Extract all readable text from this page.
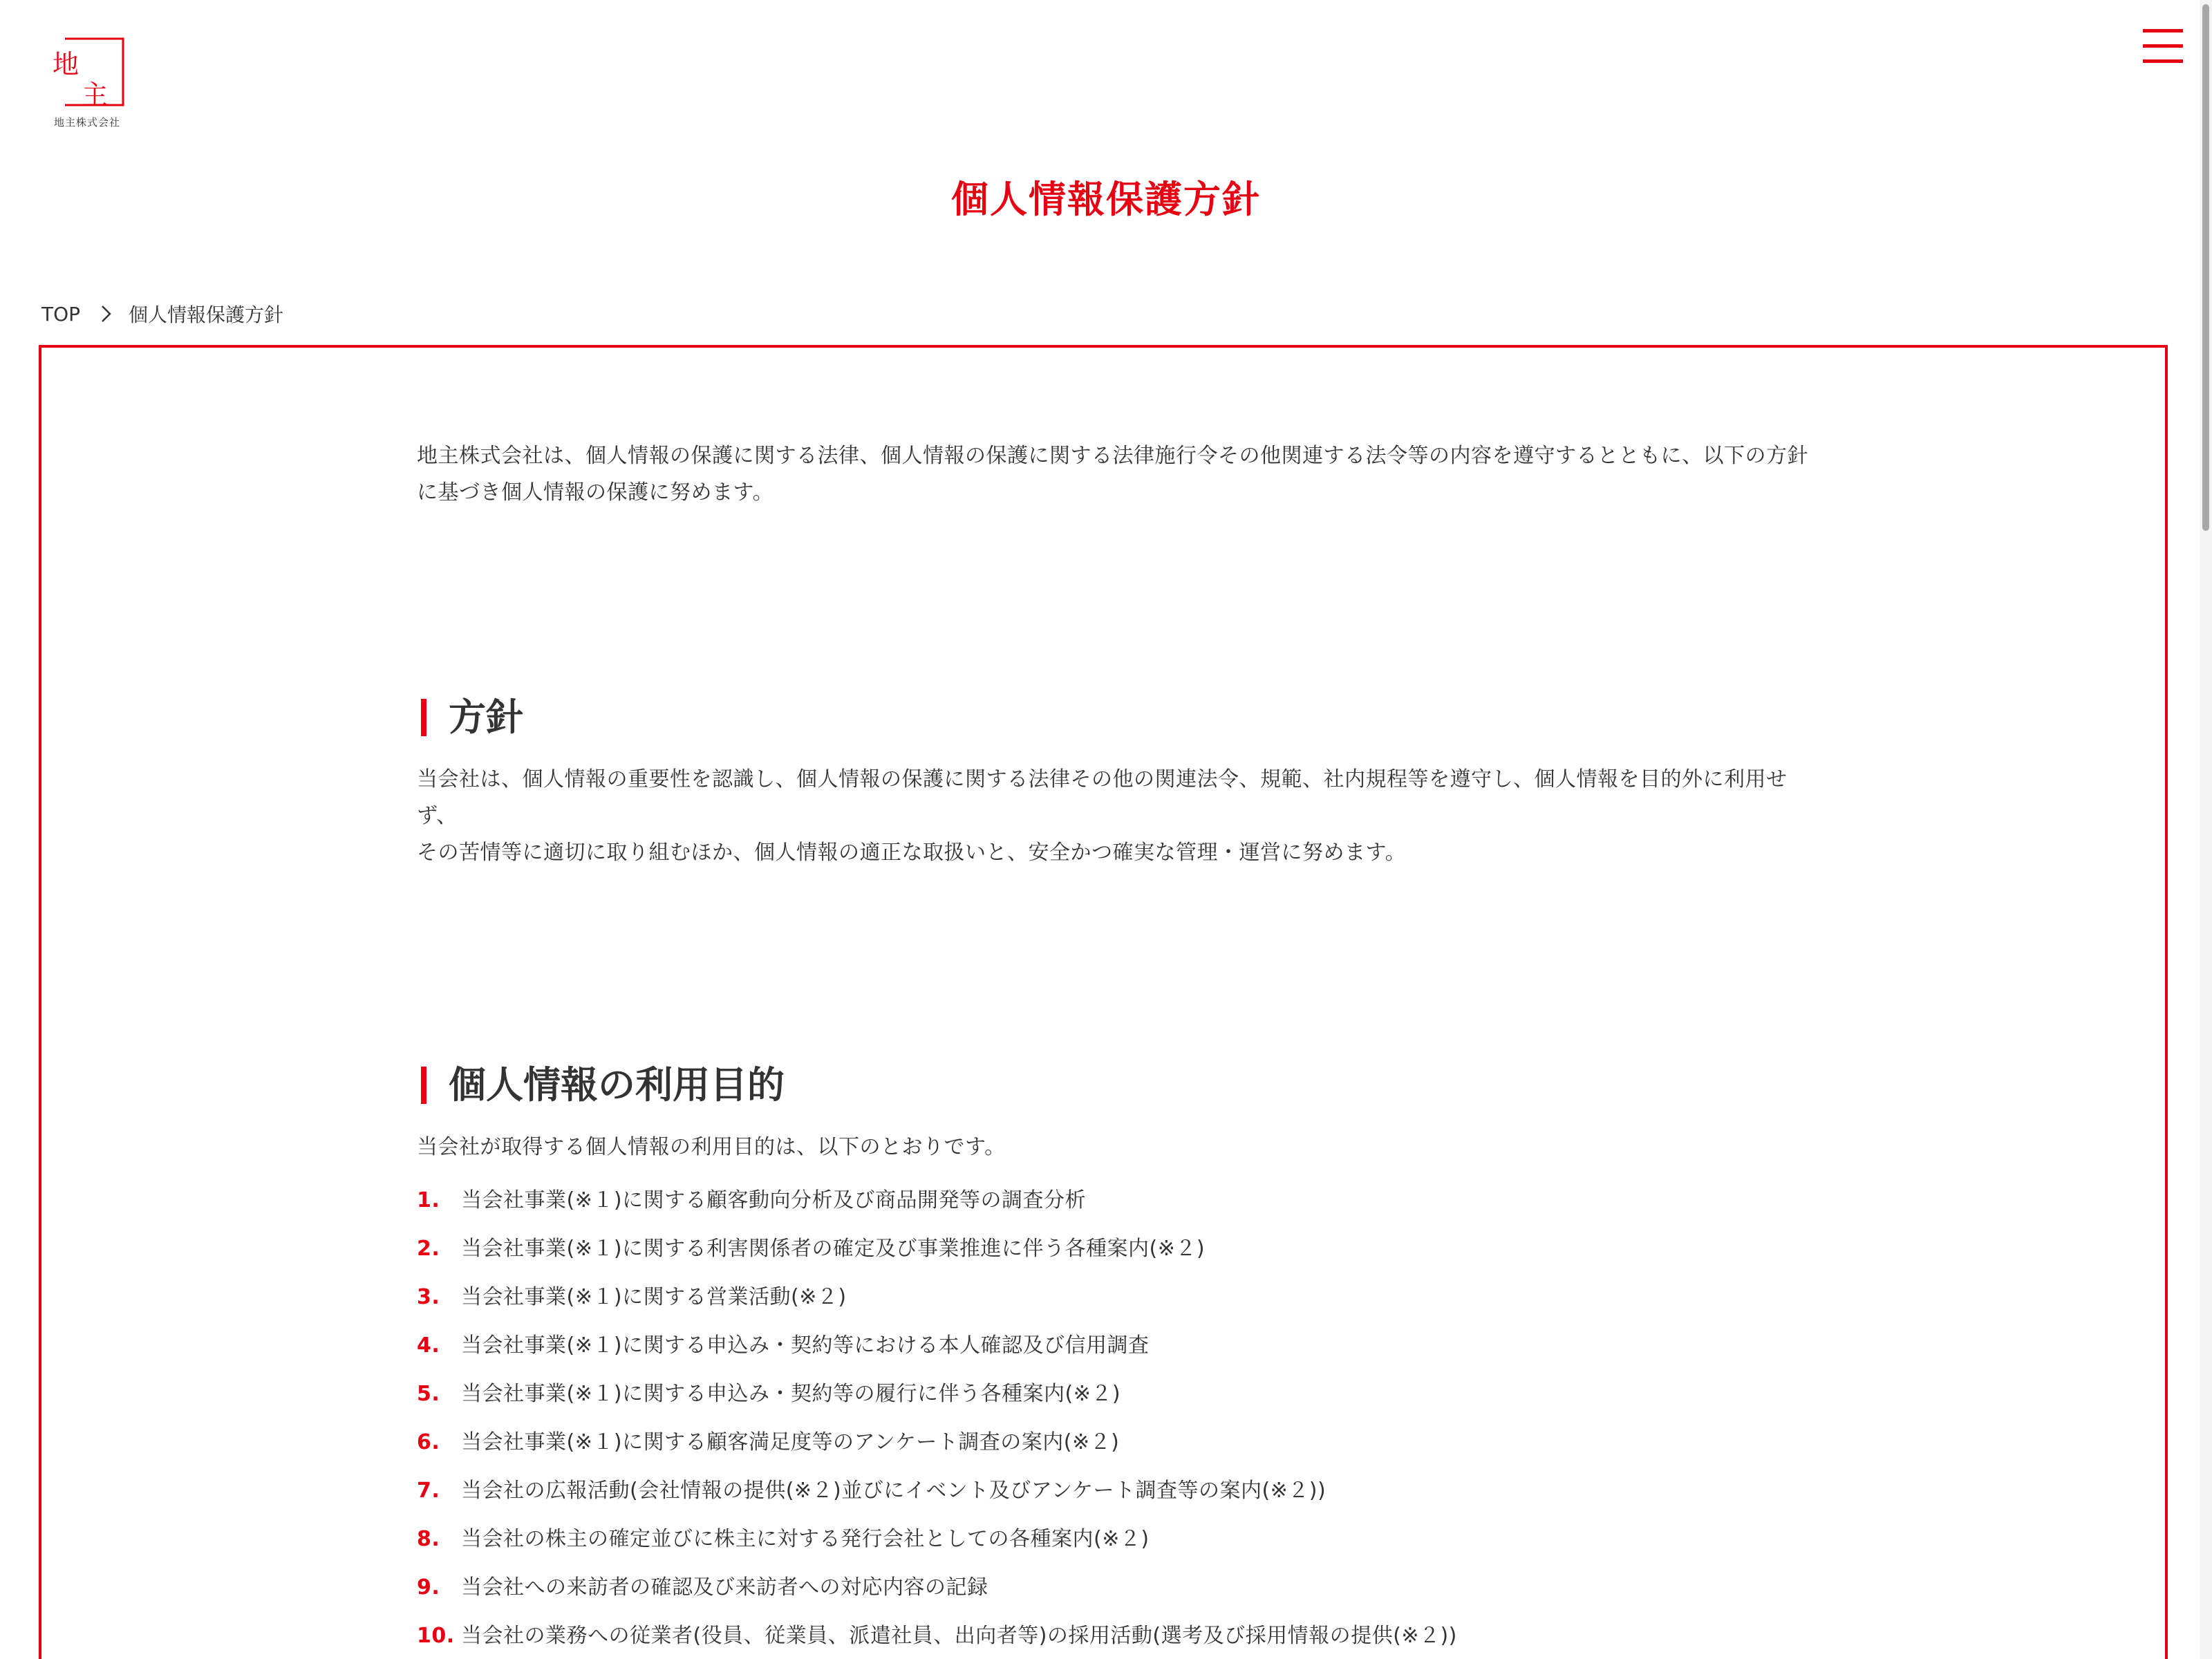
地
主
地主株式会社
個人情報保護方針
TOP	個人情報保護方針

地主株式会社は、個人情報の保護に関する法律、個人情報の保護に関する法律施行令その他関連する法令等の内容を遵守するとともに、以下の方針に基づき個人情報の保護に努めます。

方針

当会社は、個人情報の重要性を認識し、個人情報の保護に関する法律その他の関連法令、規範、社内規程等を遵守し、個人情報を目的外に利用せず、
その苦情等に適切に取り組むほか、個人情報の適正な取扱いと、安全かつ確実な管理・運営に努めます。

個人情報の利用目的

当会社が取得する個人情報の利用目的は、以下のとおりです。

1. 当会社事業(※１)に関する顧客動向分析及び商品開発等の調査分析
2. 当会社事業(※１)に関する利害関係者の確定及び事業推進に伴う各種案内(※２)
3. 当会社事業(※１)に関する営業活動(※２)
4. 当会社事業(※１)に関する申込み・契約等における本人確認及び信用調査
5. 当会社事業(※１)に関する申込み・契約等の履行に伴う各種案内(※２)
6. 当会社事業(※１)に関する顧客満足度等のアンケート調査の案内(※２)
7. 当会社の広報活動(会社情報の提供(※２)並びにイベント及びアンケート調査等の案内(※２))
8. 当会社の株主の確定並びに株主に対する発行会社としての各種案内(※２)
9. 当会社への来訪者の確認及び来訪者への対応内容の記録
10. 当会社の業務への従業者(役員、従業員、派遣社員、出向者等)の採用活動(選考及び採用情報の提供(※２))
